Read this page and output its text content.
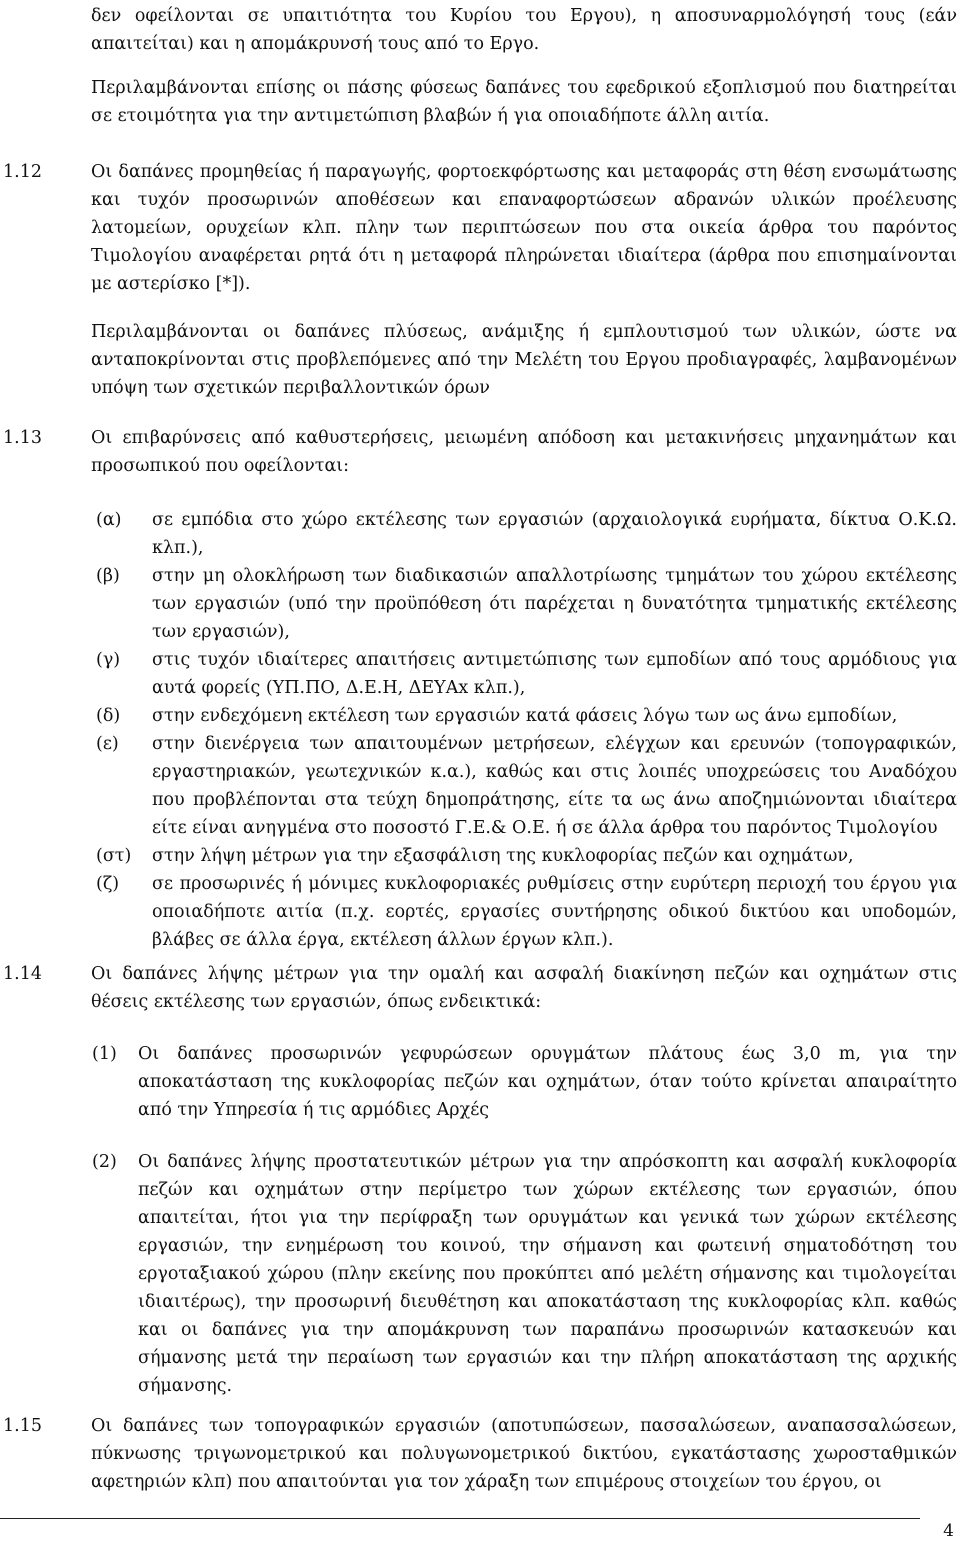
δεν οφείλονται σε υπαιτιότητα του Κυρίου του Εργου), η αποσυναρμολόγησή τους (εάν απαιτείται) και η απομάκρυνσή τους από το Εργο.

Περιλαμβάνονται επίσης οι πάσης φύσεως δαπάνες του εφεδρικού εξοπλισμού που διατηρείται σε ετοιμότητα για την αντιμετώπιση βλαβών ή για οποιαδήποτε άλλη αιτία.

1.12	Οι δαπάνες προμηθείας ή παραγωγής, φορτοεκφόρτωσης και μεταφοράς στη θέση ενσωμάτωσης και τυχόν προσωρινών αποθέσεων και επαναφορτώσεων αδρανών υλικών προέλευσης λατομείων, ορυχείων κλπ. πλην των περιπτώσεων που στα οικεία άρθρα του παρόντος Τιμολογίου αναφέρεται ρητά ότι η μεταφορά πληρώνεται ιδιαίτερα (άρθρα που επισημαίνονται με αστερίσκο [*]).

Περιλαμβάνονται οι δαπάνες πλύσεως, ανάμιξης ή εμπλουτισμού των υλικών, ώστε να ανταποκρίνονται στις προβλεπόμενες από την Μελέτη του Εργου προδιαγραφές, λαμβανομένων υπόψη των σχετικών περιβαλλοντικών όρων

1.13	Οι επιβαρύνσεις από καθυστερήσεις, μειωμένη απόδοση και μετακινήσεις μηχανημάτων και προσωπικού που οφείλονται:

(α) σε εμπόδια στο χώρο εκτέλεσης των εργασιών (αρχαιολογικά ευρήματα, δίκτυα Ο.Κ.Ω. κλπ.),
(β) στην μη ολοκλήρωση των διαδικασιών απαλλοτρίωσης τμημάτων του χώρου εκτέλεσης των εργασιών (υπό την προϋπόθεση ότι παρέχεται η δυνατότητα τμηματικής εκτέλεσης των εργασιών),
(γ) στις τυχόν ιδιαίτερες απαιτήσεις αντιμετώπισης των εμποδίων από τους αρμόδιους για αυτά φορείς (ΥΠ.ΠΟ, Δ.Ε.Η, ΔΕΥΑx κλπ.),
(δ) στην ενδεχόμενη εκτέλεση των εργασιών κατά φάσεις λόγω των ως άνω εμποδίων,
(ε) στην διενέργεια των απαιτουμένων μετρήσεων, ελέγχων και ερευνών (τοπογραφικών, εργαστηριακών, γεωτεχνικών κ.α.), καθώς και στις λοιπές υποχρεώσεις του Αναδόχου που προβλέπονται στα τεύχη δημοπράτησης, είτε τα ως άνω αποζημιώνονται ιδιαίτερα είτε είναι ανηγμένα στο ποσοστό Γ.Ε.& Ο.Ε. ή σε άλλα άρθρα του παρόντος Τιμολογίου
(στ) στην λήψη μέτρων για την εξασφάλιση της κυκλοφορίας πεζών και οχημάτων,
(ζ) σε προσωρινές ή μόνιμες κυκλοφοριακές ρυθμίσεις στην ευρύτερη περιοχή του έργου για οποιαδήποτε αιτία (π.χ. εορτές, εργασίες συντήρησης οδικού δικτύου και υποδομών, βλάβες σε άλλα έργα, εκτέλεση άλλων έργων κλπ.).
1.14	Οι δαπάνες λήψης μέτρων για την ομαλή και ασφαλή διακίνηση πεζών και οχημάτων στις θέσεις εκτέλεσης των εργασιών, όπως ενδεικτικά:

(1) Οι δαπάνες προσωρινών γεφυρώσεων ορυγμάτων πλάτους έως 3,0 m, για την αποκατάσταση της κυκλοφορίας πεζών και οχημάτων, όταν τούτο κρίνεται απαιραίτητο από την Υπηρεσία ή τις αρμόδιες Αρχές
(2) Οι δαπάνες λήψης προστατευτικών μέτρων για την απρόσκοπτη και ασφαλή κυκλοφορία πεζών και οχημάτων στην περίμετρο των χώρων εκτέλεσης των εργασιών, όπου απαιτείται, ήτοι για την περίφραξη των ορυγμάτων και γενικά των χώρων εκτέλεσης εργασιών, την ενημέρωση του κοινού, την σήμανση και φωτεινή σηματοδότηση του εργοταξιακού χώρου (πλην εκείνης που προκύπτει από μελέτη σήμανσης και τιμολογείται ιδιαιτέρως), την προσωρινή διευθέτηση και αποκατάσταση της κυκλοφορίας κλπ. καθώς και οι δαπάνες για την απομάκρυνση των παραπάνω προσωρινών κατασκευών και σήμανσης μετά την περαίωση των εργασιών και την πλήρη αποκατάσταση της αρχικής σήμανσης.
1.15	Οι δαπάνες των τοπογραφικών εργασιών (αποτυπώσεων, πασσαλώσεων, αναπασσαλώσεων, πύκνωσης τριγωνομετρικού και πολυγωνομετρικού δικτύου, εγκατάστασης χωροσταθμικών αφετηριών κλπ) που απαιτούνται για τον χάραξη των επιμέρους στοιχείων του έργου, οι

4
